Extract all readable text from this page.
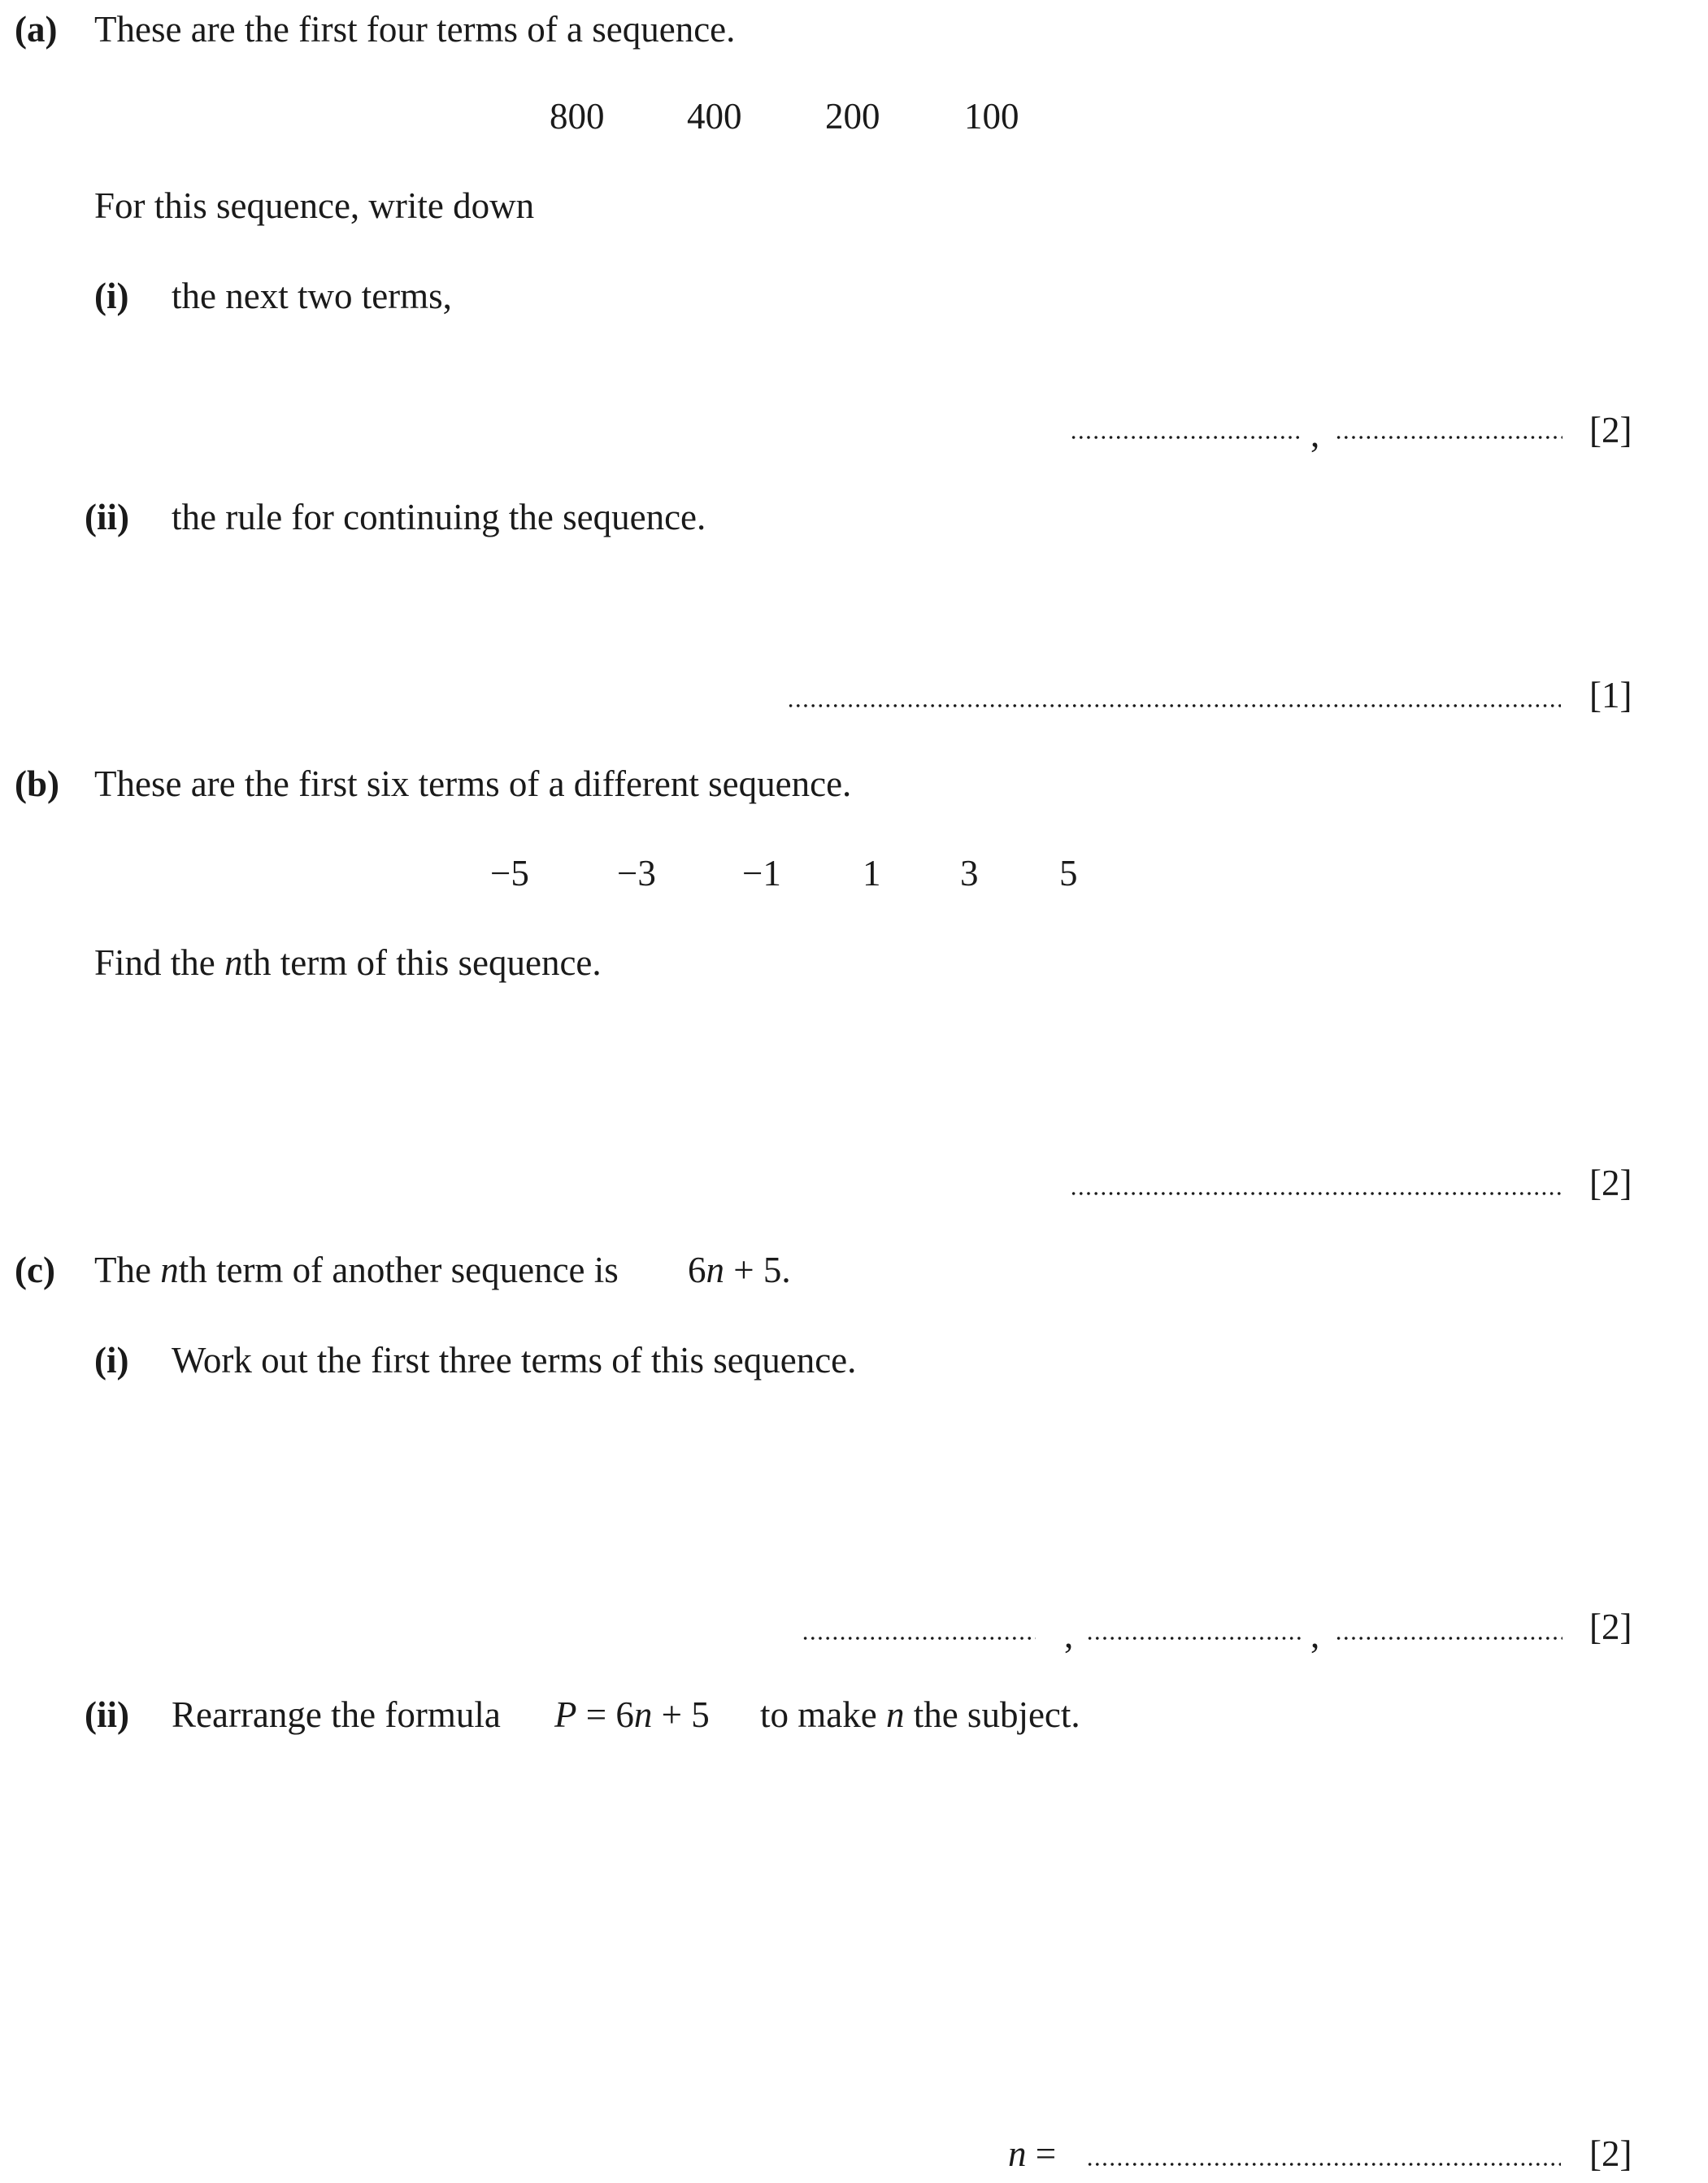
(a) These are the first four terms of a sequence.
800 400 200 100
For this sequence, write down
(i) the next two terms,
,	[2]
(ii) the rule for continuing the sequence.
[1]
(b) These are the first six terms of a different sequence.
−5 −3 −1 1 3 5
Find the nth term of this sequence.
[2]
(c) The nth term of another sequence is 6n + 5.
(i) Work out the first three terms of this sequence.
,	,	[2]
(ii) Rearrange the formula P = 6n + 5 to make n the subject.
n =	[2]
